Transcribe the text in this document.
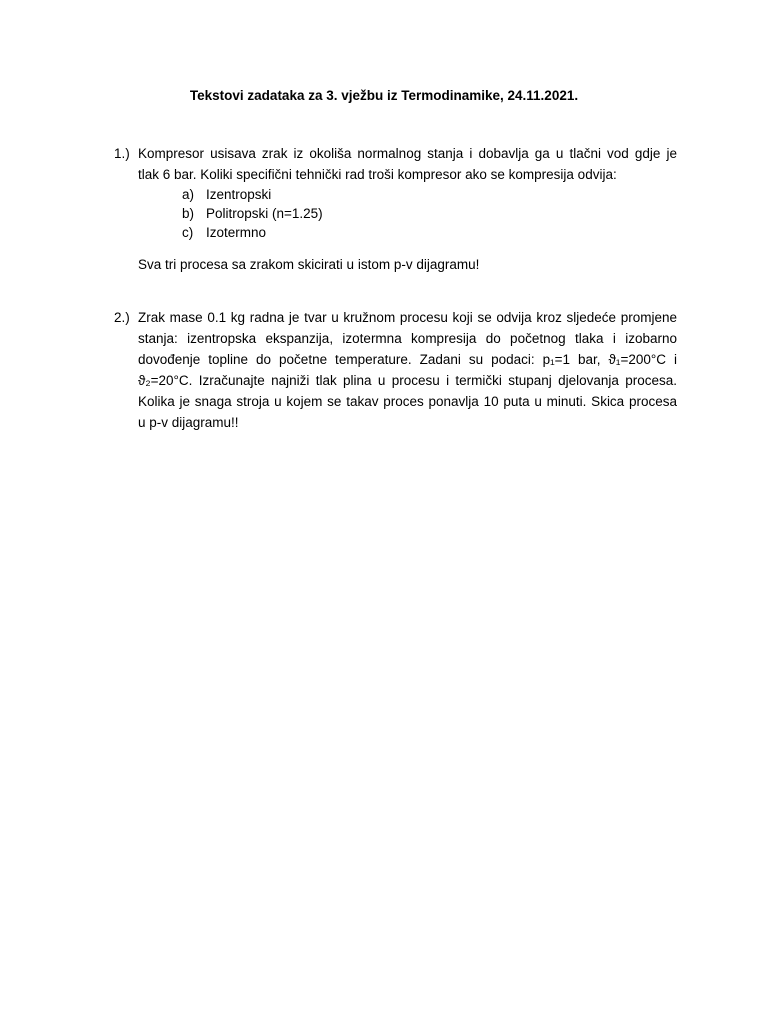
Tekstovi zadataka za 3. vježbu iz Termodinamike, 24.11.2021.
1.) Kompresor usisava zrak iz okoliša normalnog stanja i dobavlja ga u tlačni vod gdje je
tlak 6 bar. Koliki specifični tehnički rad troši kompresor ako se kompresija odvija:
a) Izentropski
b) Politropski (n=1.25)
c) Izotermno
Sva tri procesa sa zrakom skicirati u istom p-v dijagramu!
2.) Zrak mase 0.1 kg radna je tvar u kružnom procesu koji se odvija kroz sljedeće promjene
stanja: izentropska ekspanzija, izotermna kompresija do početnog tlaka i izobarno
dovođenje topline do početne temperature. Zadani su podaci: p₁=1 bar, ϑ₁=200°C i
ϑ₂=20°C. Izračunajte najniži tlak plina u procesu i termički stupanj djelovanja procesa.
Kolika je snaga stroja u kojem se takav proces ponavlja 10 puta u minuti. Skica procesa
u p-v dijagramu!!
